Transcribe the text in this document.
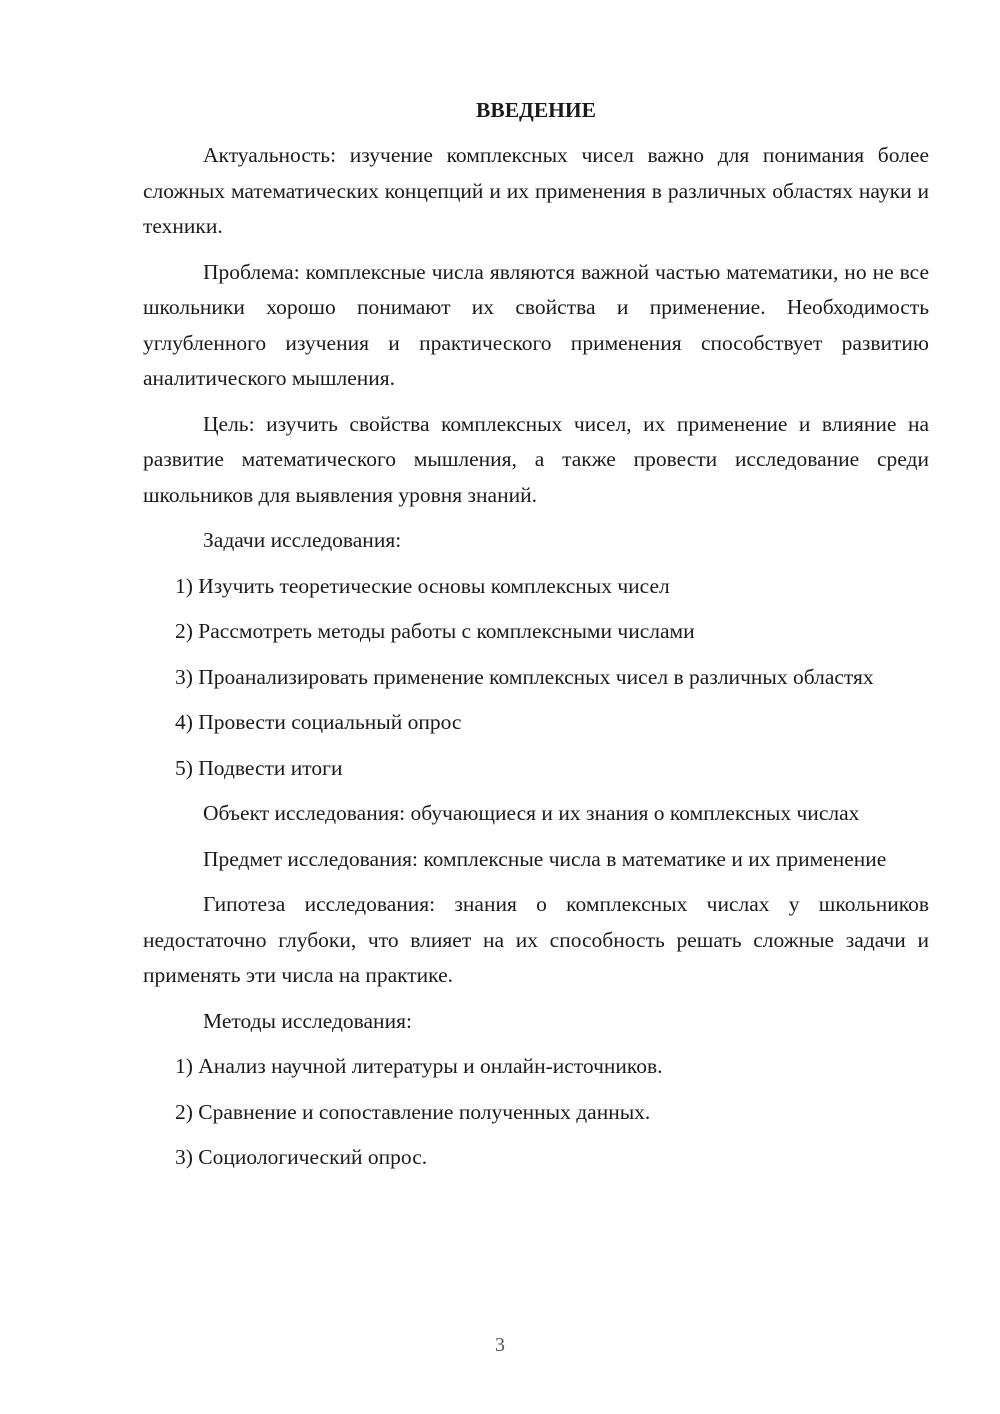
ВВЕДЕНИЕ

Актуальность: изучение комплексных чисел важно для понимания более сложных математических концепций и их применения в различных областях науки и техники.

Проблема: комплексные числа являются важной частью математики, но не все школьники хорошо понимают их свойства и применение. Необходимость углубленного изучения и практического применения способствует развитию аналитического мышления.

Цель: изучить свойства комплексных чисел, их применение и влияние на развитие математического мышления, а также провести исследование среди школьников для выявления уровня знаний.

Задачи исследования:

1) Изучить теоретические основы комплексных чисел

2) Рассмотреть методы работы с комплексными числами

3) Проанализировать применение комплексных чисел в различных областях

4) Провести социальный опрос

5) Подвести итоги

Объект исследования: обучающиеся и их знания о комплексных числах

Предмет исследования: комплексные числа в математике и их применение

Гипотеза исследования: знания о комплексных числах у школьников недостаточно глубоки, что влияет на их способность решать сложные задачи и применять эти числа на практике.

Методы исследования:

1) Анализ научной литературы и онлайн-источников.

2) Сравнение и сопоставление полученных данных.

3) Социологический опрос.

3
